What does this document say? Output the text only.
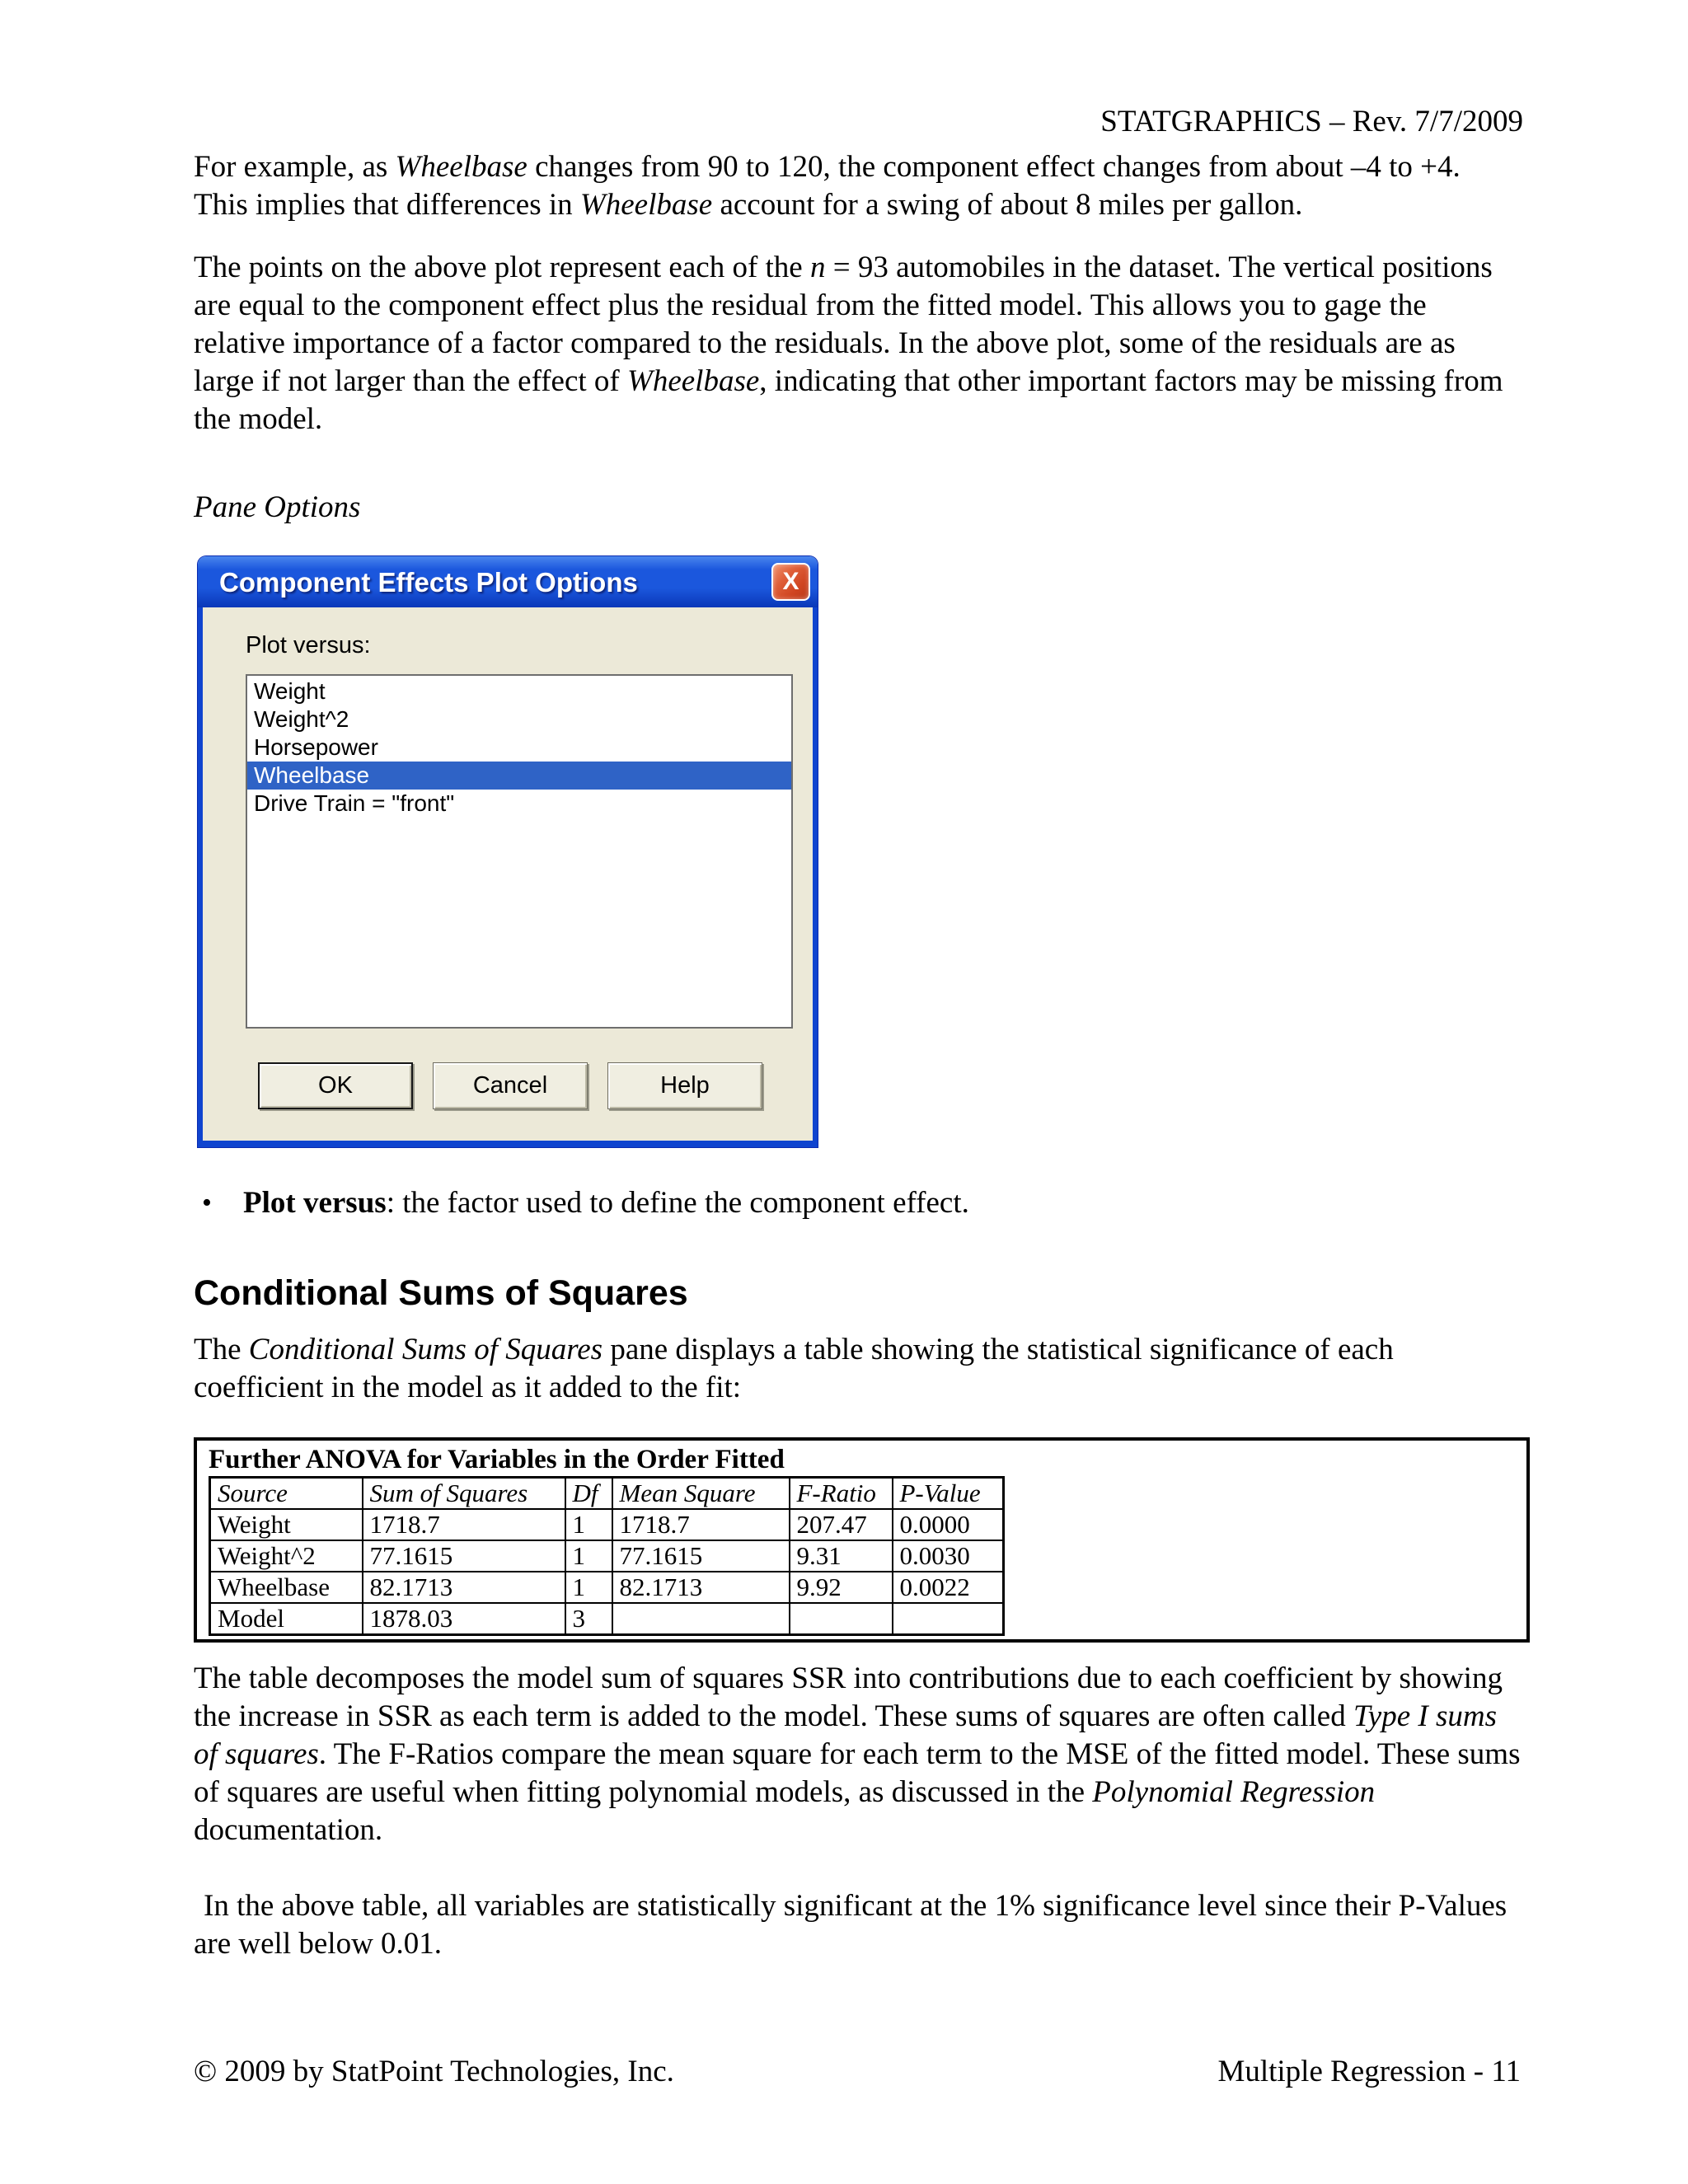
STATGRAPHICS – Rev. 7/7/2009
For example, as Wheelbase changes from 90 to 120, the component effect changes from about –4 to +4. This implies that differences in Wheelbase account for a swing of about 8 miles per gallon.
The points on the above plot represent each of the n = 93 automobiles in the dataset. The vertical positions are equal to the component effect plus the residual from the fitted model. This allows you to gage the relative importance of a factor compared to the residuals. In the above plot, some of the residuals are as large if not larger than the effect of Wheelbase, indicating that other important factors may be missing from the model.
Pane Options
Component Effects Plot Options	X
Plot versus:
Weight
Weight^2
Horsepower
Wheelbase
Drive Train = "front"
OK	Cancel	Help
•	Plot versus: the factor used to define the component effect.
Conditional Sums of Squares
The Conditional Sums of Squares pane displays a table showing the statistical significance of each coefficient in the model as it added to the fit:
Further ANOVA for Variables in the Order Fitted
Source	Sum of Squares	Df	Mean Square	F-Ratio	P-Value
Weight	1718.7	1	1718.7	207.47	0.0000
Weight^2	77.1615	1	77.1615	9.31	0.0030
Wheelbase	82.1713	1	82.1713	9.92	0.0022
Model	1878.03	3			
The table decomposes the model sum of squares SSR into contributions due to each coefficient by showing the increase in SSR as each term is added to the model. These sums of squares are often called Type I sums of squares. The F-Ratios compare the mean square for each term to the MSE of the fitted model. These sums of squares are useful when fitting polynomial models, as discussed in the Polynomial Regression documentation.
In the above table, all variables are statistically significant at the 1% significance level since their P-Values are well below 0.01.
© 2009 by StatPoint Technologies, Inc.	Multiple Regression - 11
